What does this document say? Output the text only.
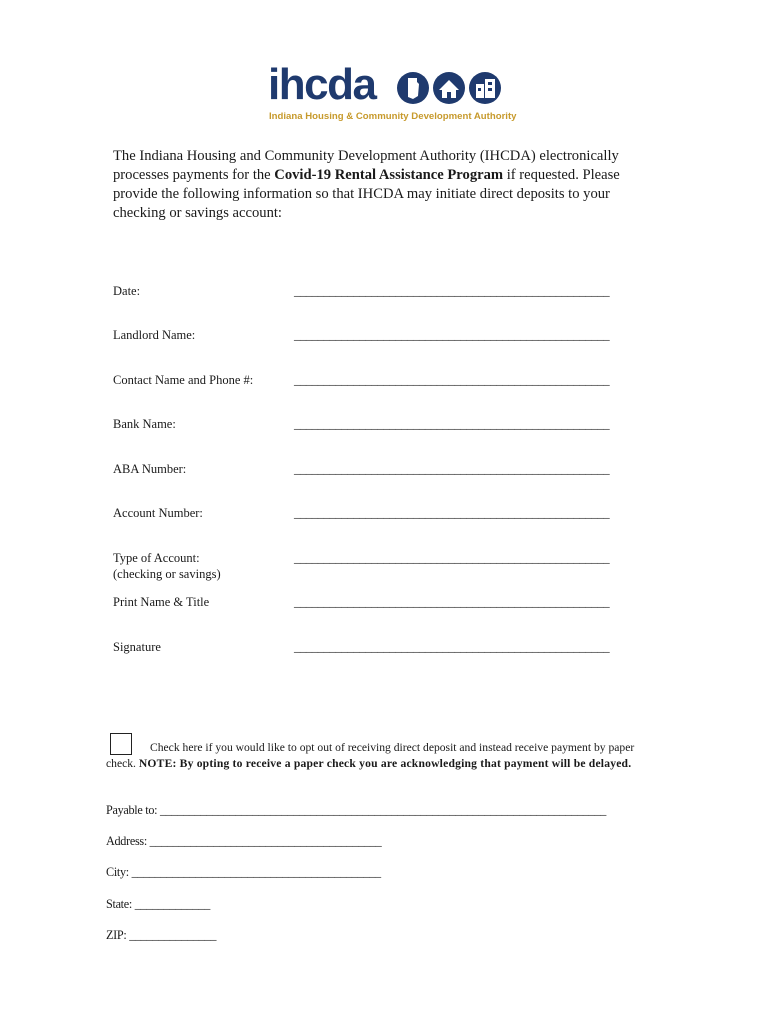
ihcda
Indiana Housing & Community Development Authority
The Indiana Housing and Community Development Authority (IHCDA) electronically processes payments for the Covid-19 Rental Assistance Program if requested. Please provide the following information so that IHCDA may initiate direct deposits to your checking or savings account:
Date:	_____________________________________________________
Landlord Name:	_____________________________________________________
Contact Name and Phone #:	_____________________________________________________
Bank Name:	_____________________________________________________
ABA Number:	_____________________________________________________
Account Number:	_____________________________________________________
Type of Account:
(checking or savings)
_____________________________________________________
Print Name & Title	_____________________________________________________
Signature	_____________________________________________________
Check here if you would like to opt out of receiving direct deposit and instead receive payment by paper
check. NOTE: By opting to receive a paper check you are acknowledging that payment will be delayed.
Payable to: _____________________________________________________________________________
Address: ________________________________________
City: ___________________________________________
State: _____________
ZIP: _______________
